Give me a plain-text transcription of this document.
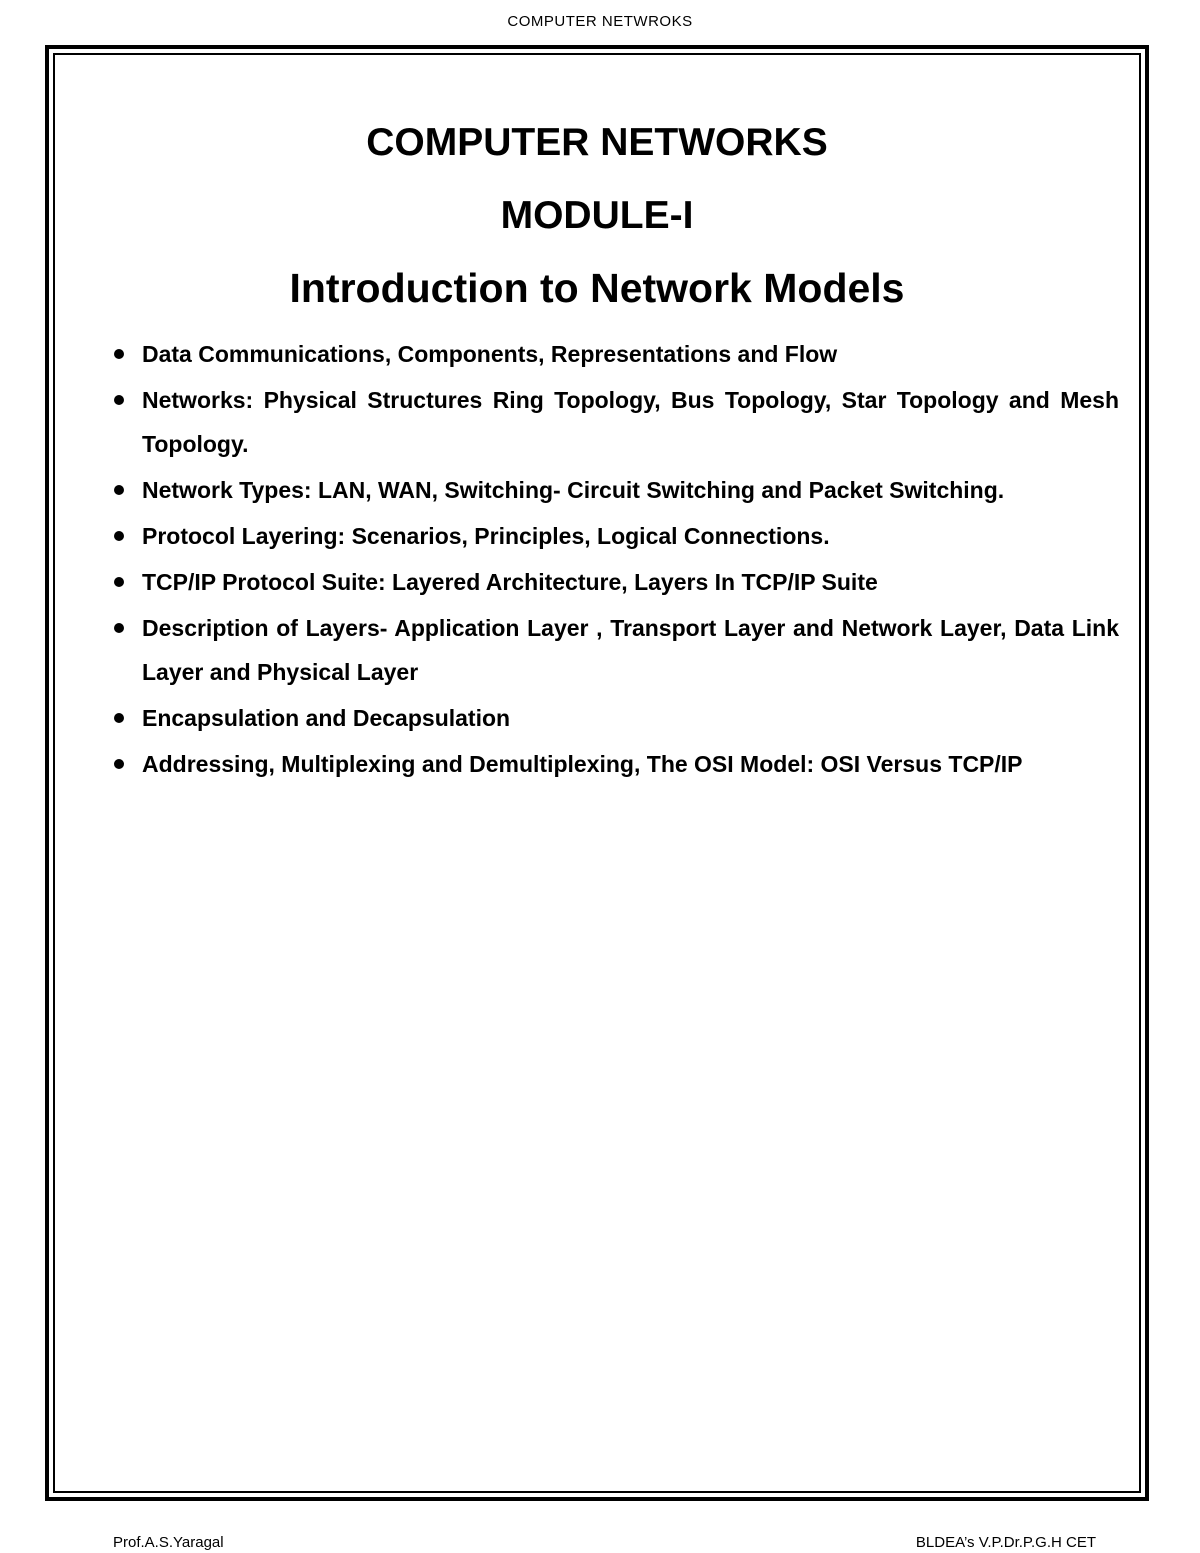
COMPUTER NETWROKS
COMPUTER NETWORKS
MODULE-I
Introduction to Network Models
Data Communications, Components, Representations and Flow
Networks: Physical Structures Ring Topology, Bus Topology, Star Topology and Mesh Topology.
Network Types: LAN, WAN, Switching- Circuit Switching and Packet Switching.
Protocol Layering: Scenarios, Principles, Logical Connections.
TCP/IP Protocol Suite: Layered Architecture, Layers In TCP/IP Suite
Description of Layers- Application Layer , Transport Layer and Network Layer, Data Link Layer and Physical Layer
Encapsulation and Decapsulation
Addressing, Multiplexing and Demultiplexing, The OSI Model: OSI Versus TCP/IP
Prof.A.S.Yaragal	BLDEA’s V.P.Dr.P.G.H CET
